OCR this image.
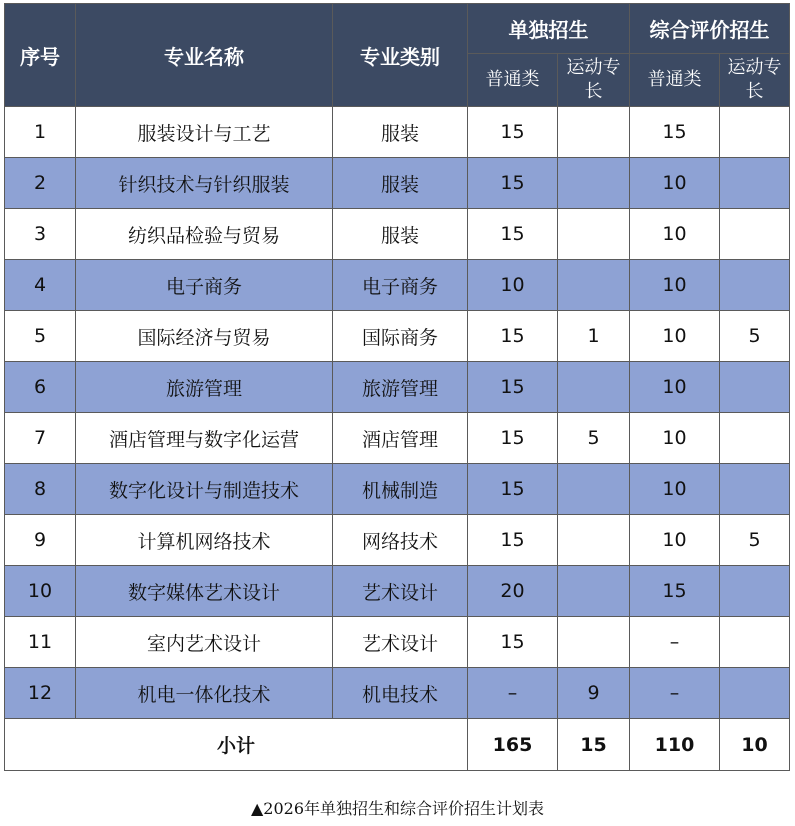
序号	专业名称	专业类别	单独招生		综合评价招生	
			普通类	运动专长	普通类	运动专长
1	服装设计与工艺	服装	15		15	
2	针织技术与针织服装	服装	15		10	
3	纺织品检验与贸易	服装	15		10	
4	电子商务	电子商务	10		10	
5	国际经济与贸易	国际商务	15	1	10	5
6	旅游管理	旅游管理	15		10	
7	酒店管理与数字化运营	酒店管理	15	5	10	
8	数字化设计与制造技术	机械制造	15		10	
9	计算机网络技术	网络技术	15		10	5
10	数字媒体艺术设计	艺术设计	20		15	
11	室内艺术设计	艺术设计	15		–	
12	机电一体化技术	机电技术	–	9	–	
小计			165	15	110	10
▲2026年单独招生和综合评价招生计划表
